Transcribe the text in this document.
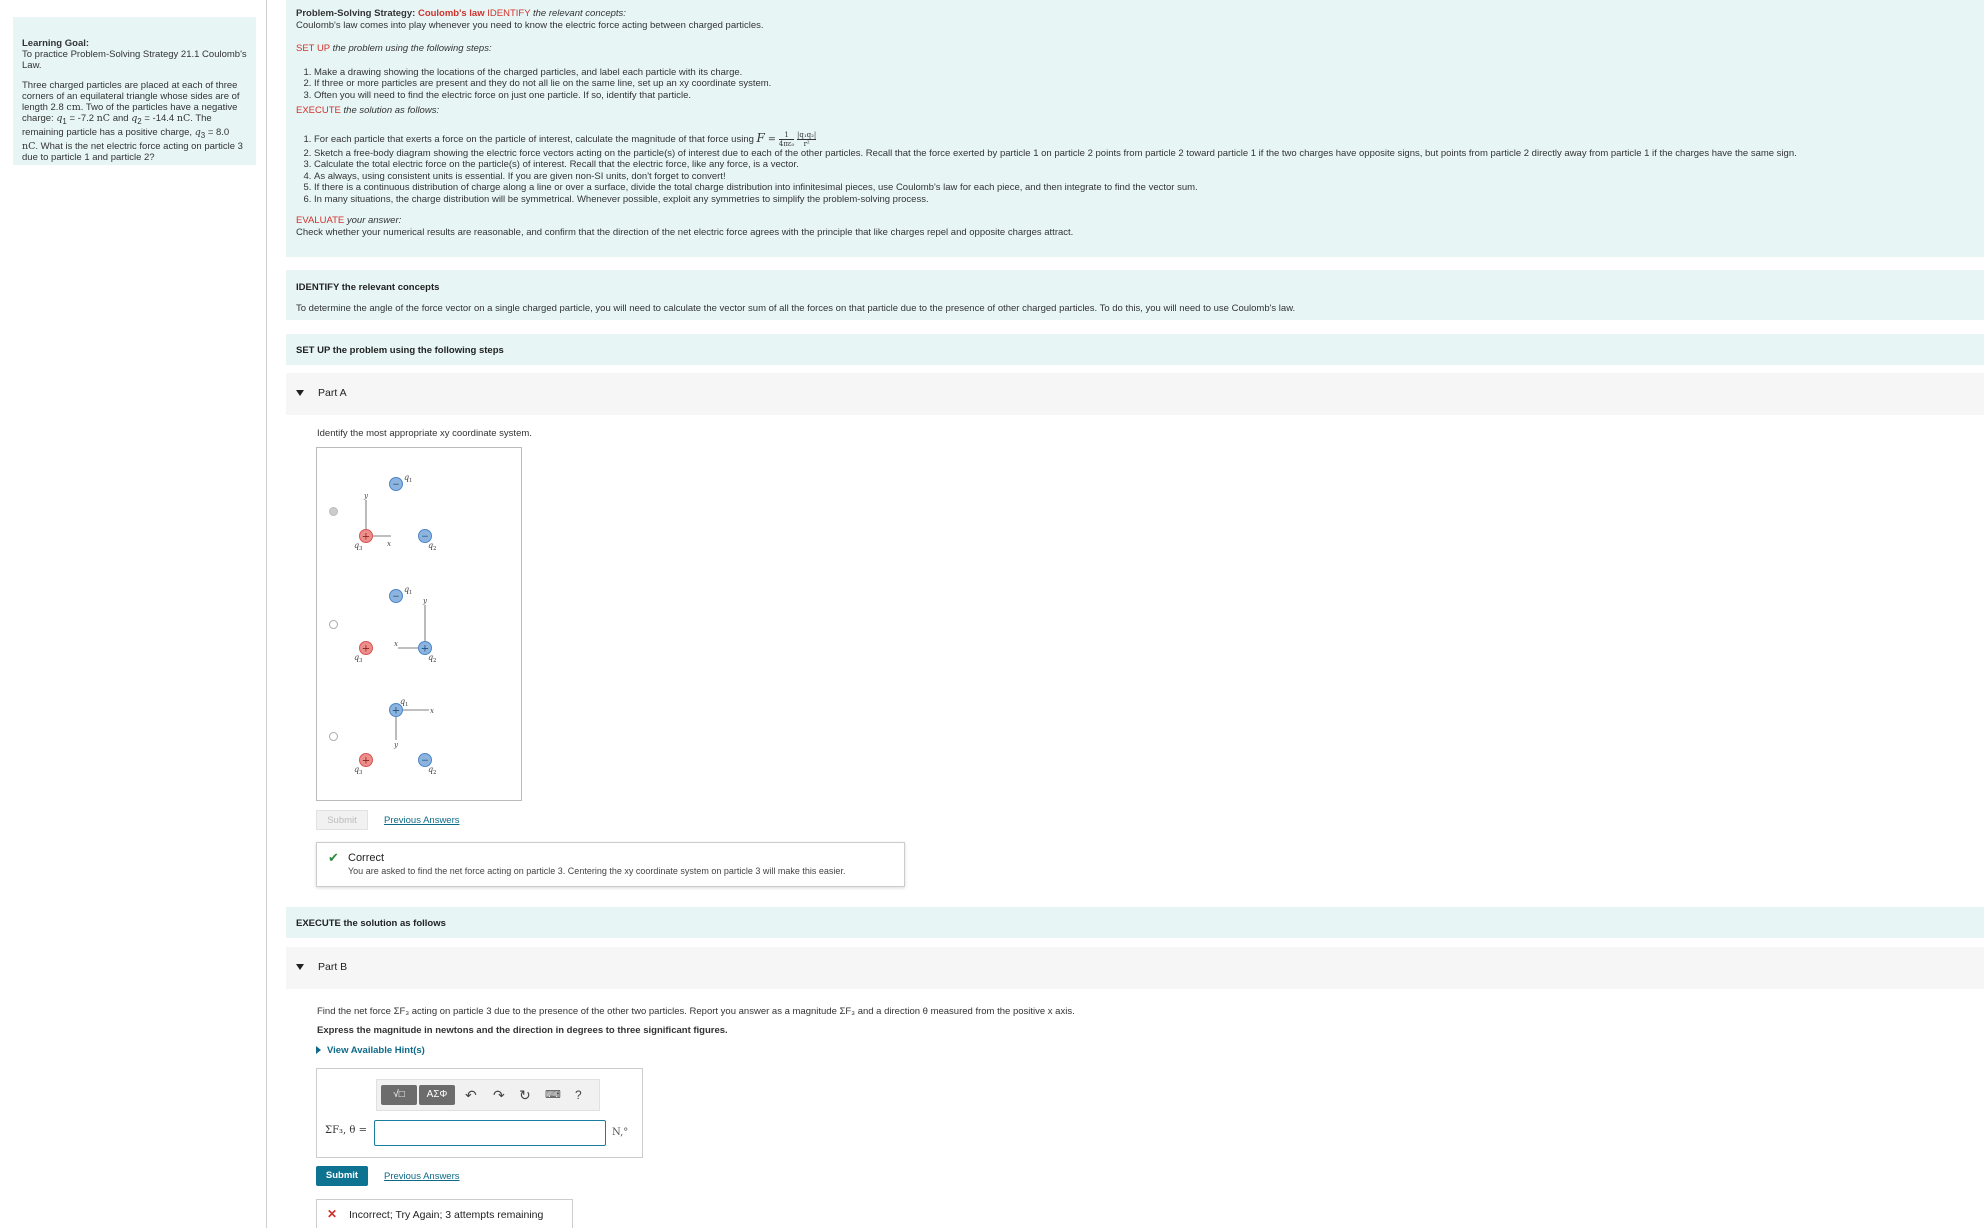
Learning Goal:

To practice Problem-Solving Strategy 21.1 Coulomb's Law.

Three charged particles are placed at each of three corners of an equilateral triangle whose sides are of length 2.8 cm. Two of the particles have a negative charge: $q_1 = -7.2$ nC and $q_2 = -14.4$ nC. The remaining particle has a positive charge, $q_3 = 8.0$ nC. What is the net electric force acting on particle 3 due to particle 1 and particle 2?

Problem-Solving Strategy: Coulomb's law IDENTIFY the relevant concepts:
Coulomb's law comes into play whenever you need to know the electric force acting between charged particles.
SET UP the problem using the following steps:
1. Make a drawing showing the locations of the charged particles, and label each particle with its charge.
2. If three or more particles are present and they do not all lie on the same line, set up an xy coordinate system.
3. Often you will need to find the electric force on just one particle. If so, identify that particle.
EXECUTE the solution as follows:
1. For each particle that exerts a force on the particle of interest, calculate the magnitude of that force using $F = \frac{1}{\text{4πε₀}}$
$\frac{\text{|q₁q₂|}}{\text{r²}}$
2. Sketch a free-body diagram showing the electric force vectors acting on the particle(s) of interest due to each of the other particles. Recall that the force exerted by particle 1 on particle 2 points from particle 2 toward particle 1 if the two charges have opposite signs, but points from particle 2 directly away from particle 1 if the charges have the same sign.
3. Calculate the total electric force on the particle(s) of interest. Recall that the electric force, like any force, is a vector.
4. As always, using consistent units is essential. If you are given non-SI units, don't forget to convert!
5. If there is a continuous distribution of charge along a line or over a surface, divide the total charge distribution into infinitesimal pieces, use Coulomb's law for each piece, and then integrate to find the vector sum.
6. In many situations, the charge distribution will be symmetrical. Whenever possible, exploit any symmetries to simplify the problem-solving process.
EVALUATE your answer:
Check whether your numerical results are reasonable, and confirm that the direction of the net electric force agrees with the principle that like charges repel and opposite charges attract.
IDENTIFY the relevant concepts
To determine the angle of the force vector on a single charged particle, you will need to calculate the vector sum of all the forces on that particle due to the presence of other charged particles. To do this, you will need to use Coulomb's law.
SET UP the problem using the following steps
Part A
Identify the most appropriate xy coordinate system.
y
x
−
q 1
+
q 3
−
q 2
y
x
−
q 1
+
q 3
+
q 2
y
x
+
q 1
+
q 3
−
q 2
Submit	Previous Answers
✔ Correct
You are asked to find the net force acting on particle 3. Centering the xy coordinate system on particle 3 will make this easier.
EXECUTE the solution as follows
Part B
Find the net force ΣF₃ acting on particle 3 due to the presence of the other two particles. Report you answer as a magnitude ΣF₃ and a direction θ measured from the positive x axis.
Express the magnitude in newtons and the direction in degrees to three significant figures.
View Available Hint(s)
√□	ΑΣΦ	↶ ↷ ↻ ⌨ ?
ΣF₃, θ =	N,°
Submit	Previous Answers
✕ Incorrect; Try Again; 3 attempts remaining
